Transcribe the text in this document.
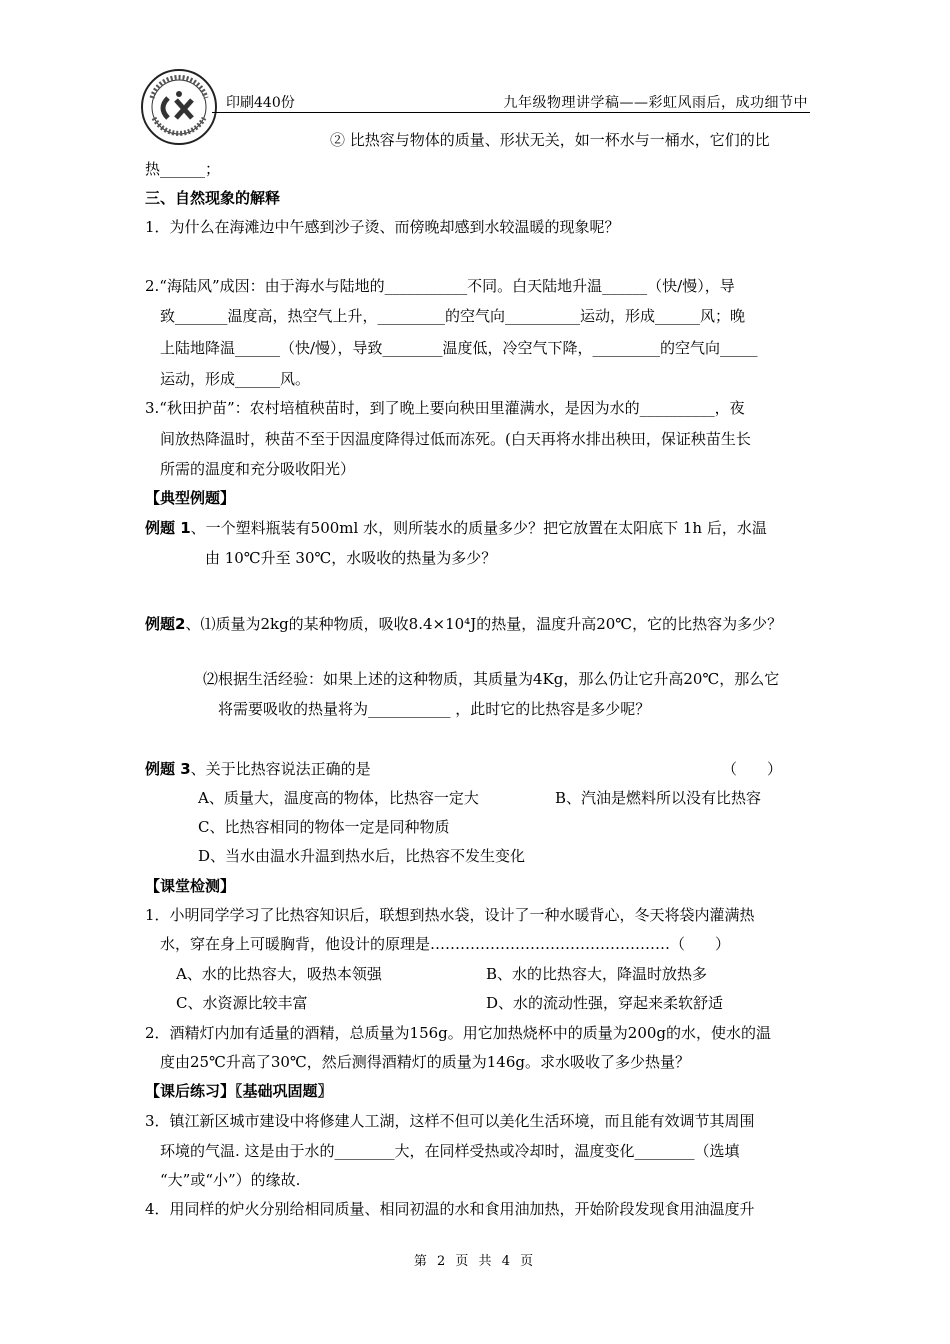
印刷440份	九年级物理讲学稿——彩虹风雨后，成功细节中
② 比热容与物体的质量、形状无关，如一杯水与一桶水，它们的比
热______；
三、自然现象的解释
1．为什么在海滩边中午感到沙子烫、而傍晚却感到水较温暖的现象呢？
2.“海陆风”成因：由于海水与陆地的___________不同。白天陆地升温______（快/慢），导
致_______温度高，热空气上升，_________的空气向__________运动，形成______风；晚
上陆地降温______（快/慢），导致________温度低，冷空气下降，_________的空气向_____
运动，形成______风。
3.“秋田护苗”：农村培植秧苗时，到了晚上要向秧田里灌满水，是因为水的__________，夜
间放热降温时，秧苗不至于因温度降得过低而冻死。(白天再将水排出秧田，保证秧苗生长
所需的温度和充分吸收阳光）
【典型例题】
例题 1、一个塑料瓶装有500ml 水，则所装水的质量多少？把它放置在太阳底下 1h 后，水温
由 10℃升至 30℃，水吸收的热量为多少？
例题2、⑴质量为2kg的某种物质，吸收8.4×10⁴J的热量，温度升高20℃，它的比热容为多少？
⑵根据生活经验：如果上述的这种物质，其质量为4Kg，那么仍让它升高20℃，那么它
将需要吸收的热量将为___________ ，此时它的比热容是多少呢？
例题 3、关于比热容说法正确的是	（　　）
A、质量大，温度高的物体，比热容一定大	B、汽油是燃料所以没有比热容
C、比热容相同的物体一定是同种物质
D、当水由温水升温到热水后，比热容不发生变化
【课堂检测】
1．小明同学学习了比热容知识后，联想到热水袋，设计了一种水暖背心，冬天将袋内灌满热
水，穿在身上可暖胸背，他设计的原理是…………………………………………（　　）
A、水的比热容大，吸热本领强	B、水的比热容大，降温时放热多
C、水资源比较丰富	D、水的流动性强，穿起来柔软舒适
2．酒精灯内加有适量的酒精，总质量为156g。用它加热烧杯中的质量为200g的水，使水的温
度由25℃升高了30℃，然后测得酒精灯的质量为146g。求水吸收了多少热量？
【课后练习】〖基础巩固题〗
3．镇江新区城市建设中将修建人工湖，这样不但可以美化生活环境，而且能有效调节其周围
环境的气温. 这是由于水的________大，在同样受热或冷却时，温度变化________（选填
“大”或“小”）的缘故.
4．用同样的炉火分别给相同质量、相同初温的水和食用油加热，开始阶段发现食用油温度升
第 2 页 共 4 页
